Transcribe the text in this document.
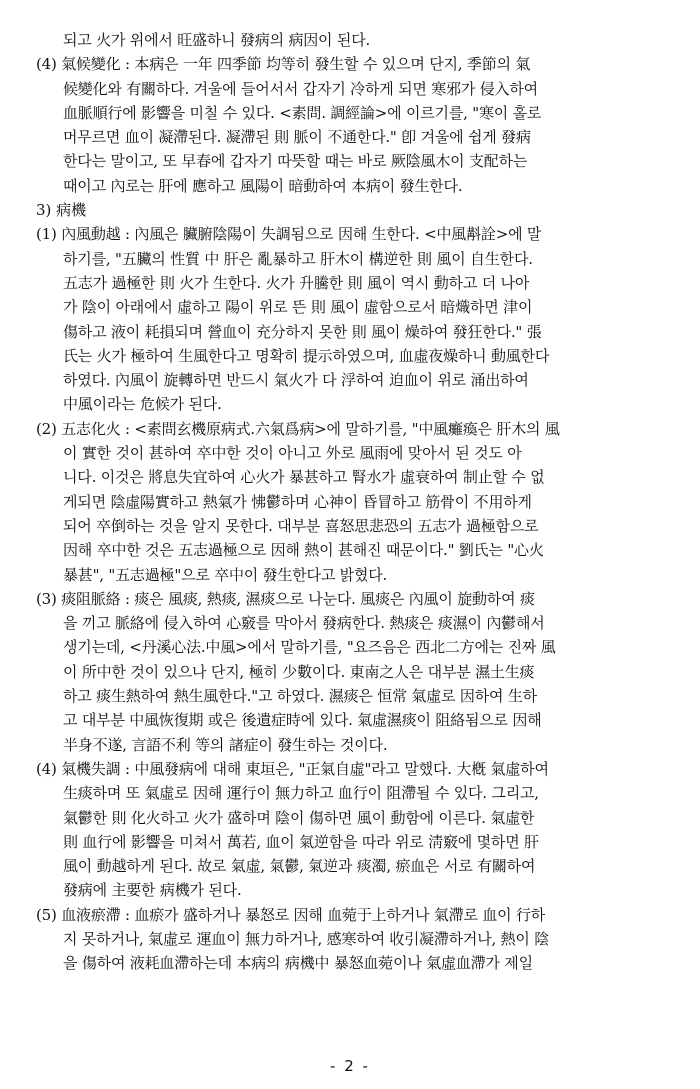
되고 火가 위에서 旺盛하니 發病의 病因이 된다.
(4) 氣候變化 : 本病은 一年 四季節 均等히 發生할 수 있으며 단지, 季節의 氣
候變化와 有關하다. 겨울에 들어서서 갑자기 冷하게 되면 寒邪가 侵入하여
血脈順行에 影響을 미칠 수 있다. <素問. 調經論>에 이르기를, "寒이 홀로
머무르면 血이 凝滯된다. 凝滯된 則 脈이 不通한다." 卽 겨울에 쉽게 發病
한다는 말이고, 또 早春에 갑자기 따뜻할 때는 바로 厥陰風木이 支配하는
때이고 內로는 肝에 應하고 風陽이 暗動하여 本病이 發生한다.
3) 病機
(1) 內風動越 : 內風은 臟腑陰陽이 失調됨으로 因해 生한다. <中風斠詮>에 말
하기를, "五臟의 性質 中 肝은 亂暴하고 肝木이 構逆한 則 風이 自生한다.
五志가 過極한 則 火가 生한다. 火가 升騰한 則 風이 역시 動하고 더 나아
가 陰이 아래에서 虛하고 陽이 위로 뜬 則 風이 虛함으로서 暗熾하면 津이
傷하고 液이 耗損되며 營血이 充分하지 못한 則 風이 燥하여 發狂한다." 張
氏는 火가 極하여 生風한다고 명확히 提示하였으며, 血虛夜燥하니 動風한다
하였다. 內風이 旋轉하면 반드시 氣火가 다 浮하여 迫血이 위로 涌出하여
中風이라는 危候가 된다.
(2) 五志化火 : <素問玄機原病式.六氣爲病>에 말하기를, "中風癱瘓은 肝木의 風
이 實한 것이 甚하여 卒中한 것이 아니고 外로 風雨에 맞아서 된 것도 아
니다. 이것은 將息失宜하여 心火가 暴甚하고 腎水가 虛衰하여 制止할 수 없
게되면 陰虛陽實하고 熱氣가 怫鬱하며 心神이 昏冒하고 筋骨이 不用하게
되어 卒倒하는 것을 알지 못한다. 대부분 喜怒思悲恐의 五志가 過極함으로
因해 卒中한 것은 五志過極으로 因해 熱이 甚해진 때문이다." 劉氏는 "心火
暴甚", "五志過極"으로 卒中이 發生한다고 밝혔다.
(3) 痰阻脈絡 : 痰은 風痰, 熱痰, 濕痰으로 나눈다. 風痰은 內風이 旋動하여 痰
을 끼고 脈絡에 侵入하여 心竅를 막아서 發病한다. 熱痰은 痰濕이 內鬱해서
생기는데, <丹溪心法.中風>에서 말하기를, "요즈음은 西北二方에는 진짜 風
이 所中한 것이 있으나 단지, 極히 少數이다. 東南之人은 대부분 濕土生痰
하고 痰生熱하여 熱生風한다."고 하였다. 濕痰은 恒常 氣虛로 因하여 生하
고 대부분 中風恢復期 或은 後遺症時에 있다. 氣虛濕痰이 阻絡됨으로 因해
半身不遂, 言語不利 等의 諸症이 發生하는 것이다.
(4) 氣機失調 : 中風發病에 대해 東垣은, "正氣自虛"라고 말했다. 大槪 氣虛하여
生痰하며 또 氣虛로 因해 運行이 無力하고 血行이 阻滯될 수 있다. 그리고,
氣鬱한 則 化火하고 火가 盛하며 陰이 傷하면 風이 動함에 이른다. 氣虛한
則 血行에 影響을 미쳐서 萬若, 血이 氣逆함을 따라 위로 淸竅에 몇하면 肝
風이 動越하게 된다. 故로 氣虛, 氣鬱, 氣逆과 痰濁, 瘀血은 서로 有關하여
發病에 主要한 病機가 된다.
(5) 血液瘀滯 : 血瘀가 盛하거나 暴怒로 因해 血菀于上하거나 氣滯로 血이 行하
지 못하거나, 氣虛로 運血이 無力하거나, 感寒하여 收引凝滯하거나, 熱이 陰
을 傷하여 液耗血滯하는데 本病의 病機中 暴怒血菀이나 氣虛血滯가 제일
- 2 -
